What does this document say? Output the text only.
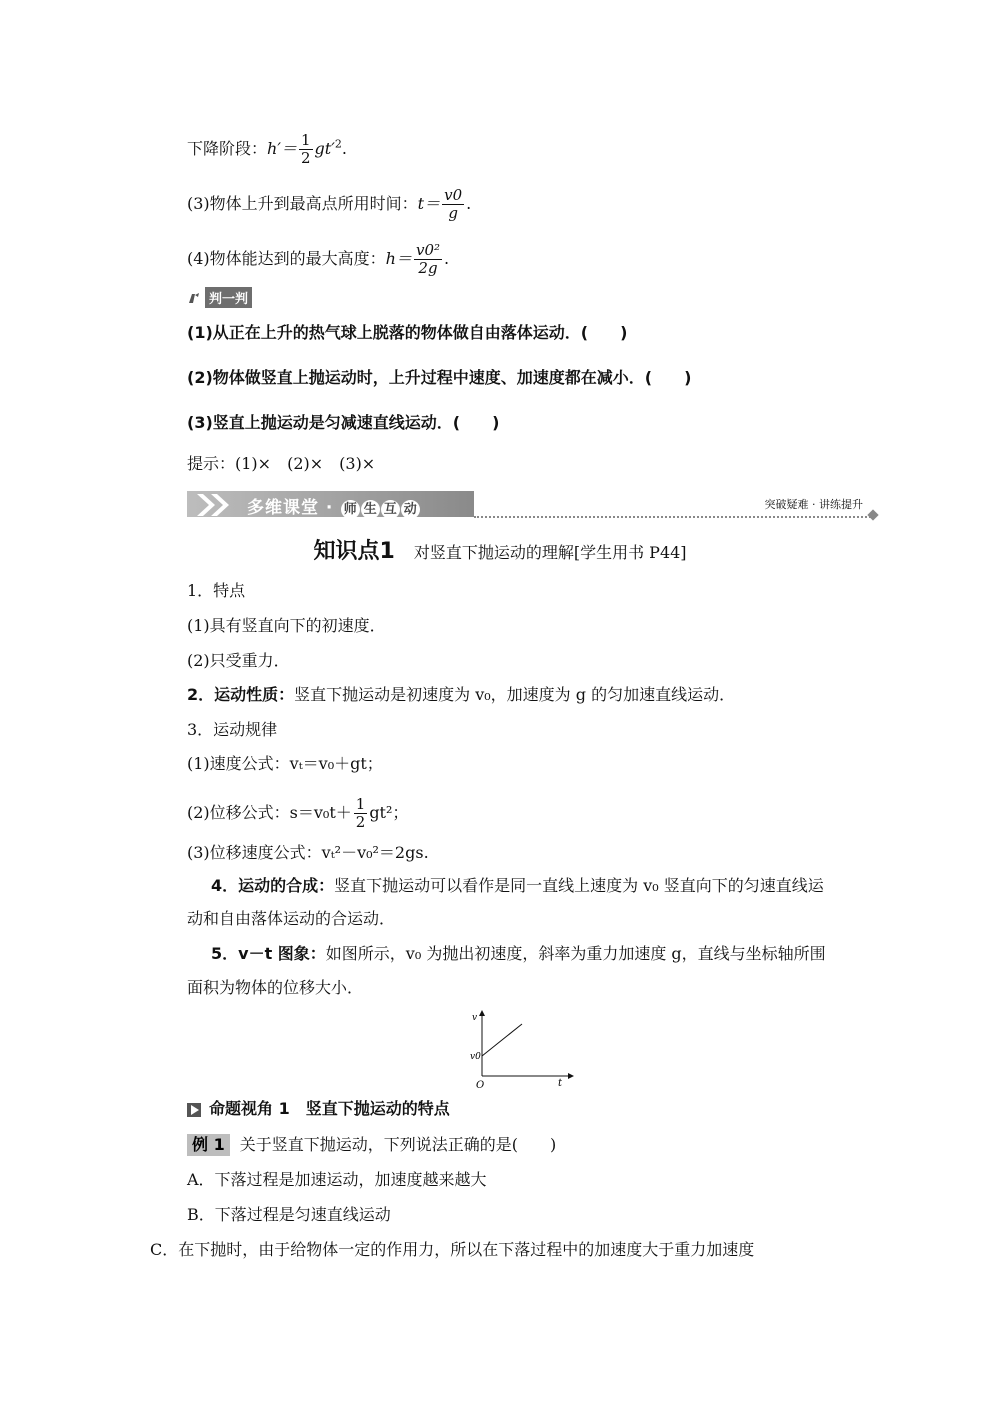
下降阶段：$h'= \frac{1}{2} gt'^2$.
(3)物体上升到最高点所用时间：$t= \frac{v0}{g}$ .
(4)物体能达到的最大高度：$h= \frac{\text{v0²}}{2g}$ .
判一判
(1)从正在上升的热气球上脱落的物体做自由落体运动．(　　)
(2)物体做竖直上抛运动时，上升过程中速度、加速度都在减小．(　　)
(3)竖直上抛运动是匀减速直线运动．(　　)
提示：(1)×　(2)×　(3)×
多维课堂 · 师 生 互 动	突破疑难 · 讲练提升
知识点1 对竖直下抛运动的理解[学生用书 P44]
1．特点
(1)具有竖直向下的初速度．
(2)只受重力．
2．运动性质：竖直下抛运动是初速度为 v₀，加速度为 g 的匀加速直线运动．
3．运动规律
(1)速度公式：vₜ＝v₀＋gt；
(2)位移公式：$s=v_0t+ \frac{1}{2} gt^2$；
(3)位移速度公式：vₜ²－v₀²＝2gs.
4．运动的合成：竖直下抛运动可以看作是同一直线上速度为 v₀ 竖直向下的匀速直线运
动和自由落体运动的合运动．
5．v－t 图象：如图所示，v₀ 为抛出初速度，斜率为重力加速度 g，直线与坐标轴所围
面积为物体的位移大小．
v
v0
O	t
命题视角 1　竖直下抛运动的特点
例 1 关于竖直下抛运动，下列说法正确的是(　　)
A．下落过程是加速运动，加速度越来越大
B．下落过程是匀速直线运动
C．在下抛时，由于给物体一定的作用力，所以在下落过程中的加速度大于重力加速度
